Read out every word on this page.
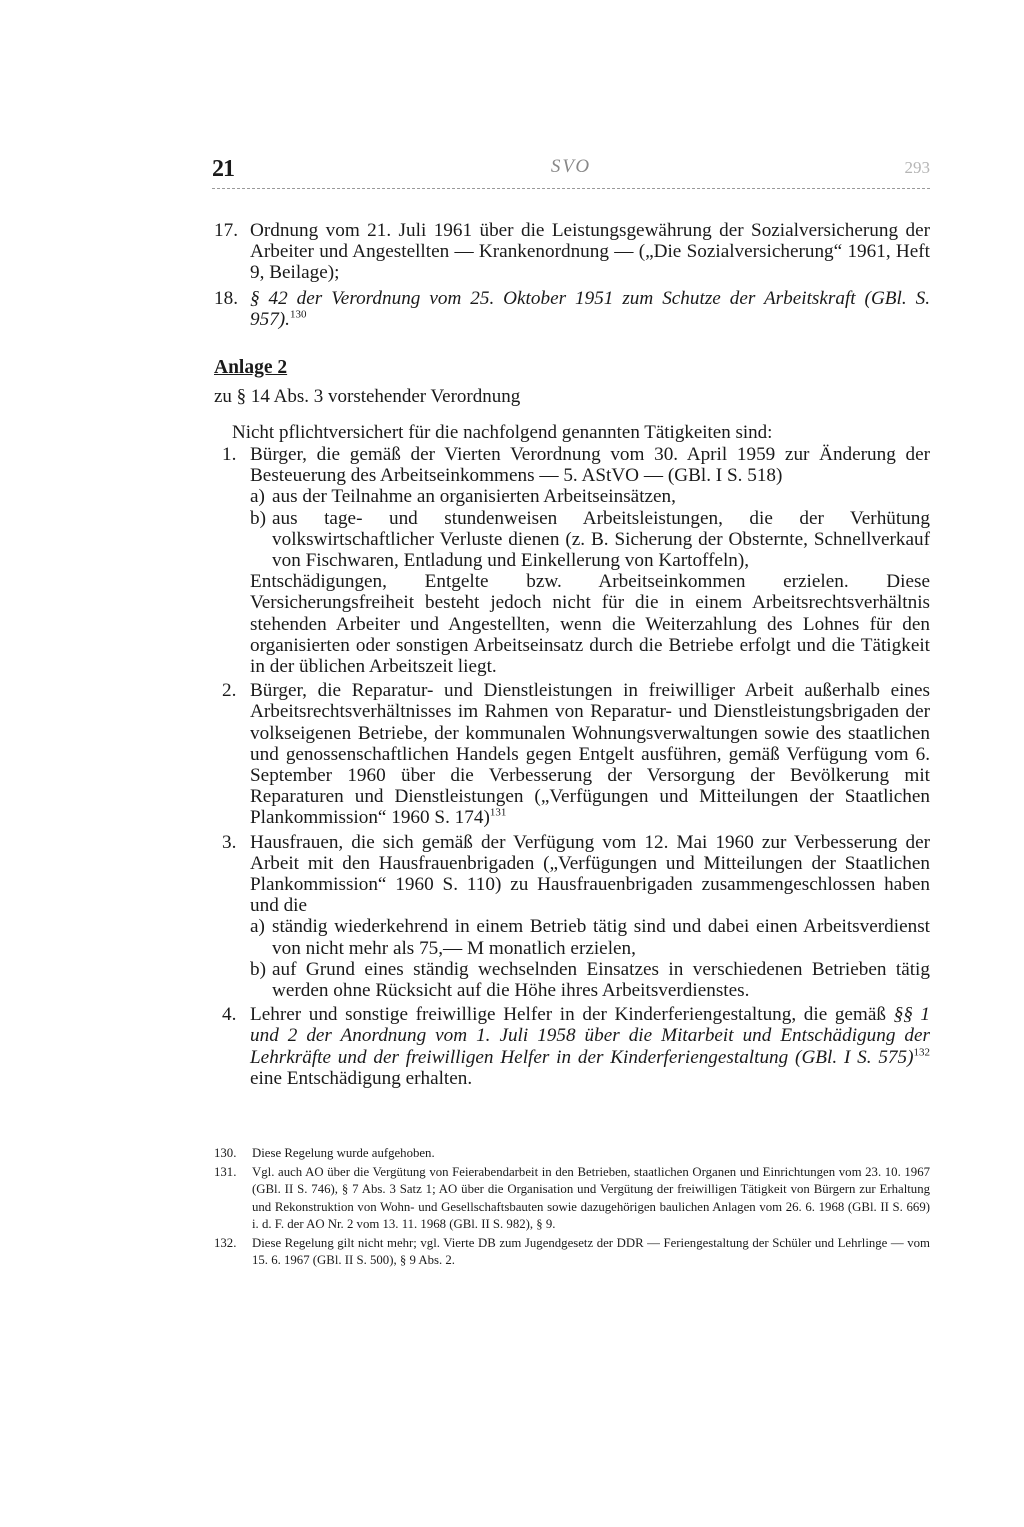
21	SVO	293
17. Ordnung vom 21. Juli 1961 über die Leistungsgewährung der Sozialversicherung der Arbeiter und Angestellten — Krankenordnung — („Die Sozialversicherung“ 1961, Heft 9, Beilage);
18. § 42 der Verordnung vom 25. Oktober 1951 zum Schutze der Arbeitskraft (GBl. S. 957).$^{130}$
Anlage 2
zu § 14 Abs. 3 vorstehender Verordnung
Nicht pflichtversichert für die nachfolgend genannten Tätigkeiten sind:
1. Bürger, die gemäß der Vierten Verordnung vom 30. April 1959 zur Änderung der Besteuerung des Arbeitseinkommens — 5. AStVO — (GBl. I S. 518)
a) aus der Teilnahme an organisierten Arbeitseinsätzen,
b) aus tage- und stundenweisen Arbeitsleistungen, die der Verhütung volkswirtschaftlicher Verluste dienen (z. B. Sicherung der Obsternte, Schnellverkauf von Fischwaren, Entladung und Einkellerung von Kartoffeln),
Entschädigungen, Entgelte bzw. Arbeitseinkommen erzielen. Diese Versicherungsfreiheit besteht jedoch nicht für die in einem Arbeitsrechtsverhältnis stehenden Arbeiter und Angestellten, wenn die Weiterzahlung des Lohnes für den organisierten oder sonstigen Arbeitseinsatz durch die Betriebe erfolgt und die Tätigkeit in der üblichen Arbeitszeit liegt.
2. Bürger, die Reparatur- und Dienstleistungen in freiwilliger Arbeit außerhalb eines Arbeitsrechtsverhältnisses im Rahmen von Reparatur- und Dienstleistungsbrigaden der volkseigenen Betriebe, der kommunalen Wohnungsverwaltungen sowie des staatlichen und genossenschaftlichen Handels gegen Entgelt ausführen, gemäß Verfügung vom 6. September 1960 über die Verbesserung der Versorgung der Bevölkerung mit Reparaturen und Dienstleistungen („Verfügungen und Mitteilungen der Staatlichen Plankommission“ 1960 S. 174)$^{131}$
3. Hausfrauen, die sich gemäß der Verfügung vom 12. Mai 1960 zur Verbesserung der Arbeit mit den Hausfrauenbrigaden („Verfügungen und Mitteilungen der Staatlichen Plankommission“ 1960 S. 110) zu Hausfrauenbrigaden zusammengeschlossen haben und die
a) ständig wiederkehrend in einem Betrieb tätig sind und dabei einen Arbeitsverdienst von nicht mehr als 75,— M monatlich erzielen,
b) auf Grund eines ständig wechselnden Einsatzes in verschiedenen Betrieben tätig werden ohne Rücksicht auf die Höhe ihres Arbeitsverdienstes.
4. Lehrer und sonstige freiwillige Helfer in der Kinderferiengestaltung, die gemäß §§ 1 und 2 der Anordnung vom 1. Juli 1958 über die Mitarbeit und Entschädigung der Lehrkräfte und der freiwilligen Helfer in der Kinderferiengestaltung (GBl. I S. 575)$^{132}$ eine Entschädigung erhalten.
130. Diese Regelung wurde aufgehoben.
131. Vgl. auch AO über die Vergütung von Feierabendarbeit in den Betrieben, staatlichen Organen und Einrichtungen vom 23. 10. 1967 (GBl. II S. 746), § 7 Abs. 3 Satz 1; AO über die Organisation und Vergütung der freiwilligen Tätigkeit von Bürgern zur Erhaltung und Rekonstruktion von Wohn- und Gesellschaftsbauten sowie dazugehörigen baulichen Anlagen vom 26. 6. 1968 (GBl. II S. 669) i. d. F. der AO Nr. 2 vom 13. 11. 1968 (GBl. II S. 982), § 9.
132. Diese Regelung gilt nicht mehr; vgl. Vierte DB zum Jugendgesetz der DDR — Feriengestaltung der Schüler und Lehrlinge — vom 15. 6. 1967 (GBl. II S. 500), § 9 Abs. 2.
